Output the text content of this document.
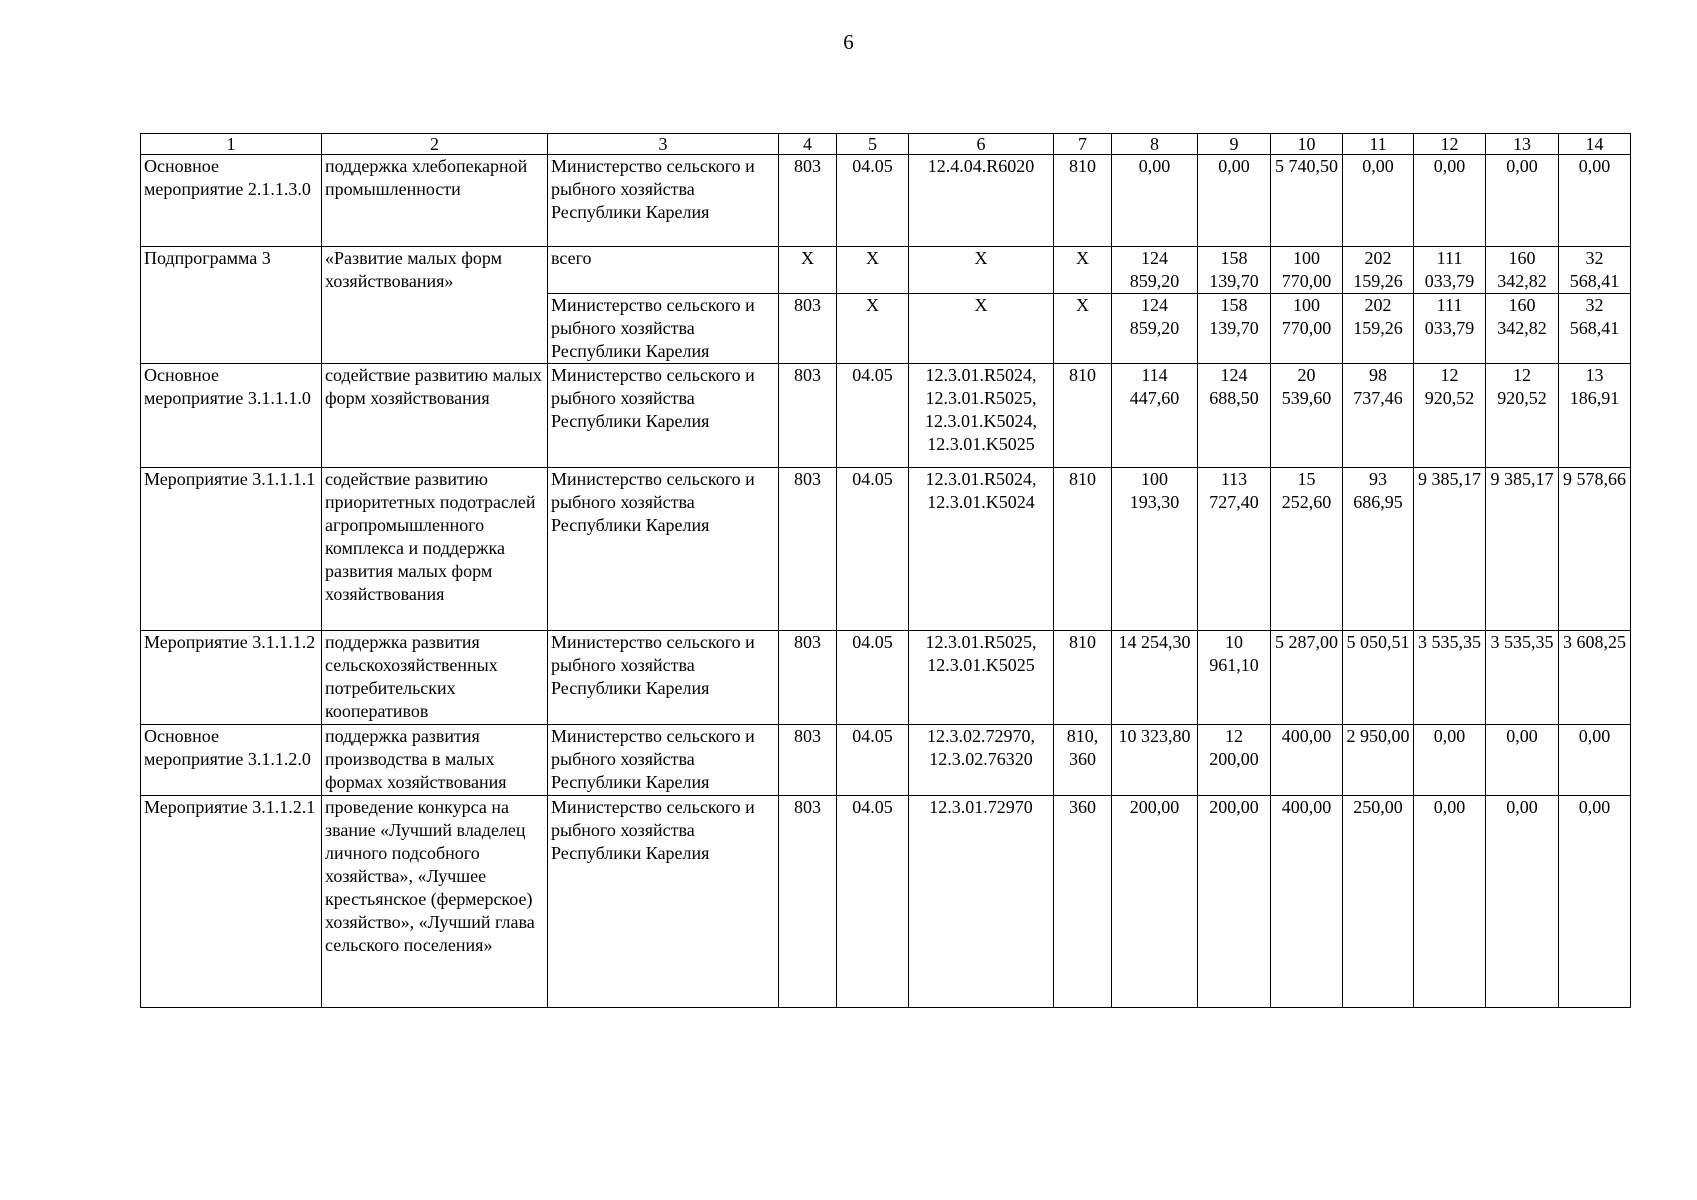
6
1	2	3	4	5	6	7	8	9	10	11	12	13	14
Основное мероприятие 2.1.1.3.0	поддержка хлебопекарной промышленности	Министерство сельского и рыбного хозяйства Республики Карелия	803	04.05	12.4.04.R6020	810	0,00	0,00	5 740,50	0,00	0,00	0,00	0,00
Подпрограмма 3	«Развитие малых форм хозяйствования»	всего	X	X	X	X	124 859,20	158 139,70	100 770,00	202 159,26	111 033,79	160 342,82	32 568,41
		Министерство сельского и рыбного хозяйства Республики Карелия	803	X	X	X	124 859,20	158 139,70	100 770,00	202 159,26	111 033,79	160 342,82	32 568,41
Основное мероприятие 3.1.1.1.0	содействие развитию малых форм хозяйствования	Министерство сельского и рыбного хозяйства Республики Карелия	803	04.05	12.3.01.R5024, 12.3.01.R5025, 12.3.01.K5024, 12.3.01.K5025	810	114 447,60	124 688,50	20 539,60	98 737,46	12 920,52	12 920,52	13 186,91
Мероприятие 3.1.1.1.1	содействие развитию приоритетных подотраслей агропромышленного комплекса и поддержка развития малых форм хозяйствования	Министерство сельского и рыбного хозяйства Республики Карелия	803	04.05	12.3.01.R5024, 12.3.01.K5024	810	100 193,30	113 727,40	15 252,60	93 686,95	9 385,17	9 385,17	9 578,66
Мероприятие 3.1.1.1.2	поддержка развития сельскохозяйственных потребительских кооперативов	Министерство сельского и рыбного хозяйства Республики Карелия	803	04.05	12.3.01.R5025, 12.3.01.K5025	810	14 254,30	10 961,10	5 287,00	5 050,51	3 535,35	3 535,35	3 608,25
Основное мероприятие 3.1.1.2.0	поддержка развития производства в малых формах хозяйствования	Министерство сельского и рыбного хозяйства Республики Карелия	803	04.05	12.3.02.72970, 12.3.02.76320	810, 360	10 323,80	12 200,00	400,00	2 950,00	0,00	0,00	0,00
Мероприятие 3.1.1.2.1	проведение конкурса на звание «Лучший владелец личного подсобного хозяйства», «Лучшее крестьянское (фермерское) хозяйство», «Лучший глава сельского поселения»	Министерство сельского и рыбного хозяйства Республики Карелия	803	04.05	12.3.01.72970	360	200,00	200,00	400,00	250,00	0,00	0,00	0,00
